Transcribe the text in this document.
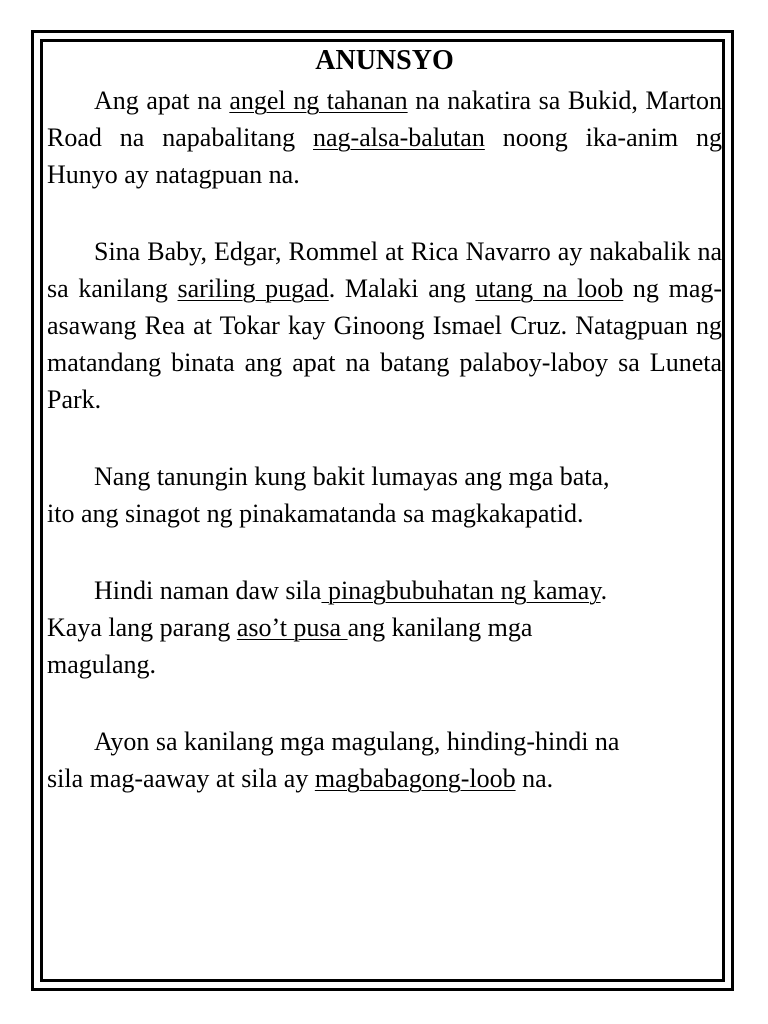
ANUNSYO

Ang apat na angel ng tahanan na nakatira sa Bukid, Marton Road na napabalitang nag-alsa-balutan noong ika-anim ng Hunyo ay natagpuan na.

Sina Baby, Edgar, Rommel at Rica Navarro ay nakabalik na sa kanilang sariling pugad. Malaki ang utang na loob ng mag-asawang Rea at Tokar kay Ginoong Ismael Cruz. Natagpuan ng matandang binata ang apat na batang palaboy-laboy sa Luneta Park.

Nang tanungin kung bakit lumayas ang mga bata,
ito ang sinagot ng pinakamatanda sa magkakapatid.

Hindi naman daw sila pinagbubuhatan ng kamay.
Kaya lang parang aso’t pusa ang kanilang mga
magulang.

Ayon sa kanilang mga magulang, hinding-hindi na
sila mag-aaway at sila ay magbabagong-loob na.
